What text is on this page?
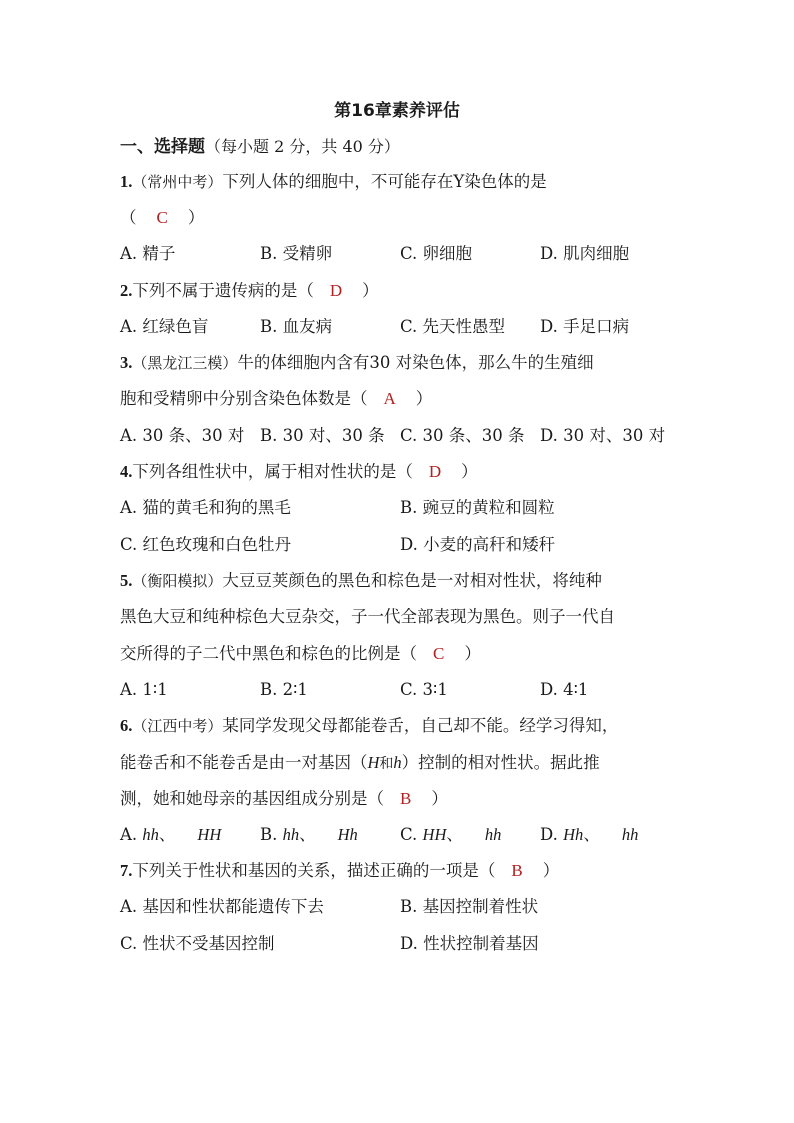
第16章素养评估
一、选择题（每小题 2 分，共 40 分）
1.（常州中考）下列人体的细胞中，不可能存在Y染色体的是
（ C ）
A. 精子	B. 受精卵	C. 卵细胞	D. 肌肉细胞
2.下列不属于遗传病的是（ D ）
A. 红绿色盲	B. 血友病	C. 先天性愚型 D. 手足口病
3.（黑龙江三模）牛的体细胞内含有30 对染色体，那么牛的生殖细
胞和受精卵中分别含染色体数是（ A ）
A. 30 条、30 对 B. 30 对、30 条 C. 30 条、30 条 D. 30 对、30 对
4.下列各组性状中，属于相对性状的是（ D ）
A. 猫的黄毛和狗的黑毛	B. 豌豆的黄粒和圆粒
C. 红色玫瑰和白色牡丹	D. 小麦的高秆和矮秆
5.（衡阳模拟）大豆豆荚颜色的黑色和棕色是一对相对性状，将纯种
黑色大豆和纯种棕色大豆杂交，子一代全部表现为黑色。则子一代自
交所得的子二代中黑色和棕色的比例是（ C ）
A. 1∶1	B. 2∶1	C. 3∶1	D. 4∶1
6.（江西中考）某同学发现父母都能卷舌，自己却不能。经学习得知，
能卷舌和不能卷舌是由一对基因（H和h）控制的相对性状。据此推
测，她和她母亲的基因组成分别是（ B ）
A. hh、 HH B. hh、 Hh	C. HH、 hh D. Hh、 hh
7.下列关于性状和基因的关系，描述正确的一项是（ B ）
A. 基因和性状都能遗传下去	B. 基因控制着性状
C. 性状不受基因控制	D. 性状控制着基因
